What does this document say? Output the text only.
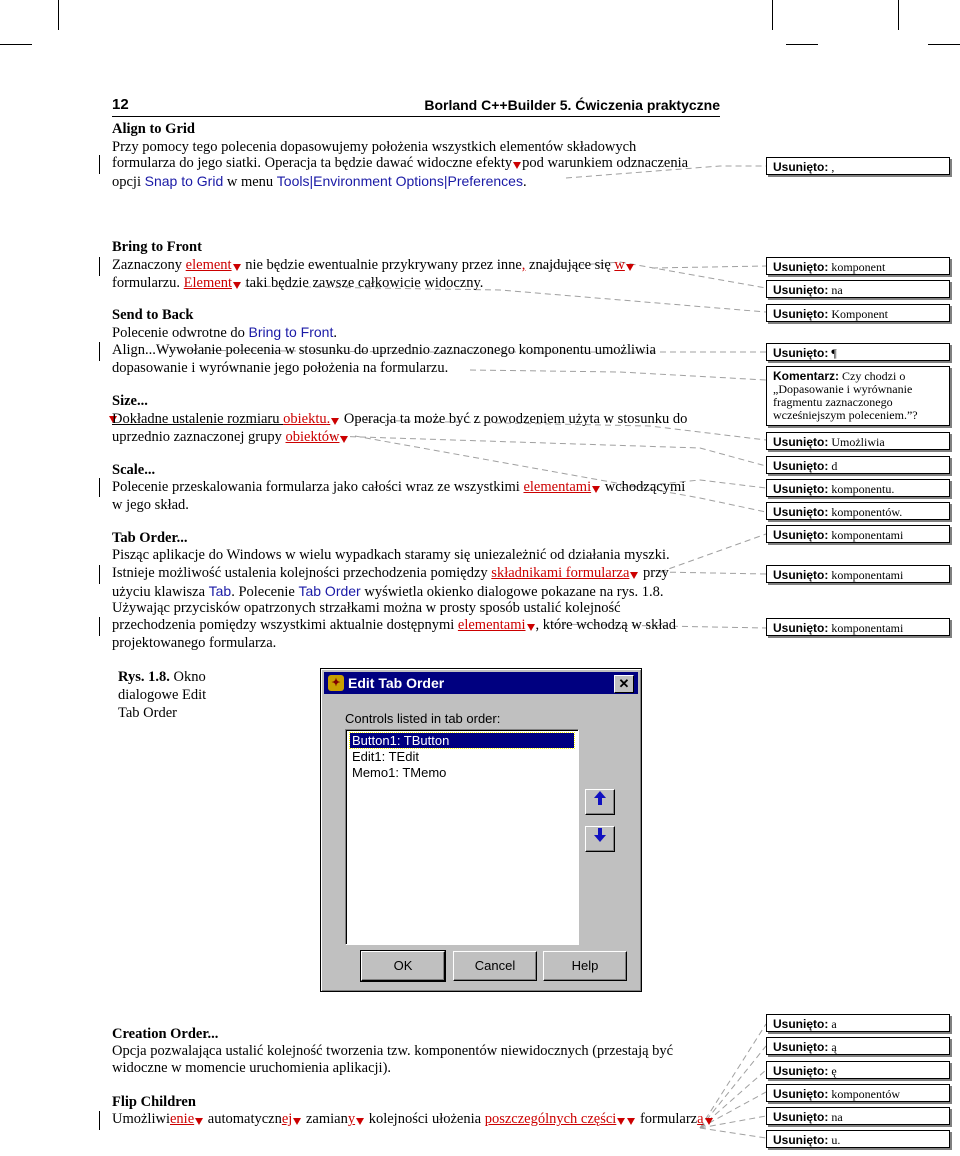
12	Borland C++Builder 5. Ćwiczenia praktyczne
Align to Grid
Przy pomocy tego polecenia dopasowujemy położenia wszystkich elementów składowych
formularza do jego siatki. Operacja ta będzie dawać widoczne efekty pod warunkiem odznaczenia
opcji Snap to Grid w menu Tools|Environment Options|Preferences.
Bring to Front
Zaznaczony element nie będzie ewentualnie przykrywany przez inne, znajdujące się w
formularzu. Element taki będzie zawsze całkowicie widoczny.
Send to Back
Polecenie odwrotne do Bring to Front.
Align...Wywołanie polecenia w stosunku do uprzednio zaznaczonego komponentu umożliwia
dopasowanie i wyrównanie jego położenia na formularzu.
Size...
Dokładne ustalenie rozmiaru obiektu. Operacja ta może być z powodzeniem użyta w stosunku do
uprzednio zaznaczonej grupy obiektów
Scale...
Polecenie przeskalowania formularza jako całości wraz ze wszystkimi elementami wchodzącymi
w jego skład.
Tab Order...
Pisząc aplikacje do Windows w wielu wypadkach staramy się uniezależnić od działania myszki.
Istnieje możliwość ustalenia kolejności przechodzenia pomiędzy składnikami formularza przy
użyciu klawisza Tab. Polecenie Tab Order wyświetla okienko dialogowe pokazane na rys. 1.8.
Używając przycisków opatrzonych strzałkami można w prosty sposób ustalić kolejność
przechodzenia pomiędzy wszystkimi aktualnie dostępnymi elementami , które wchodzą w skład
projektowanego formularza.
Rys. 1.8. Okno
dialogowe Edit
Tab Order
✦ Edit Tab Order	✕
Controls listed in tab order:
Button1: TButton
Edit1: TEdit
Memo1: TMemo
OK	Cancel	Help
Creation Order...
Opcja pozwalająca ustalić kolejność tworzenia tzw. komponentów niewidocznych (przestają być
widoczne w momencie uruchomienia aplikacji).
Flip Children
Umożliwienie automatycznej zamiany kolejności ułożenia poszczególnych części formularza
Usunięto: ,
Usunięto: komponent
Usunięto: na
Usunięto: Komponent
Usunięto: ¶
Komentarz: Czy chodzi o
„Dopasowanie i wyrównanie
fragmentu zaznaczonego
wcześniejszym poleceniem.”?
Usunięto: Umożliwia
Usunięto: d
Usunięto: komponentu.
Usunięto: komponentów.
Usunięto: komponentami
Usunięto: komponentami
Usunięto: komponentami
Usunięto: a
Usunięto: ą
Usunięto: ę
Usunięto: komponentów
Usunięto: na
Usunięto: u.
